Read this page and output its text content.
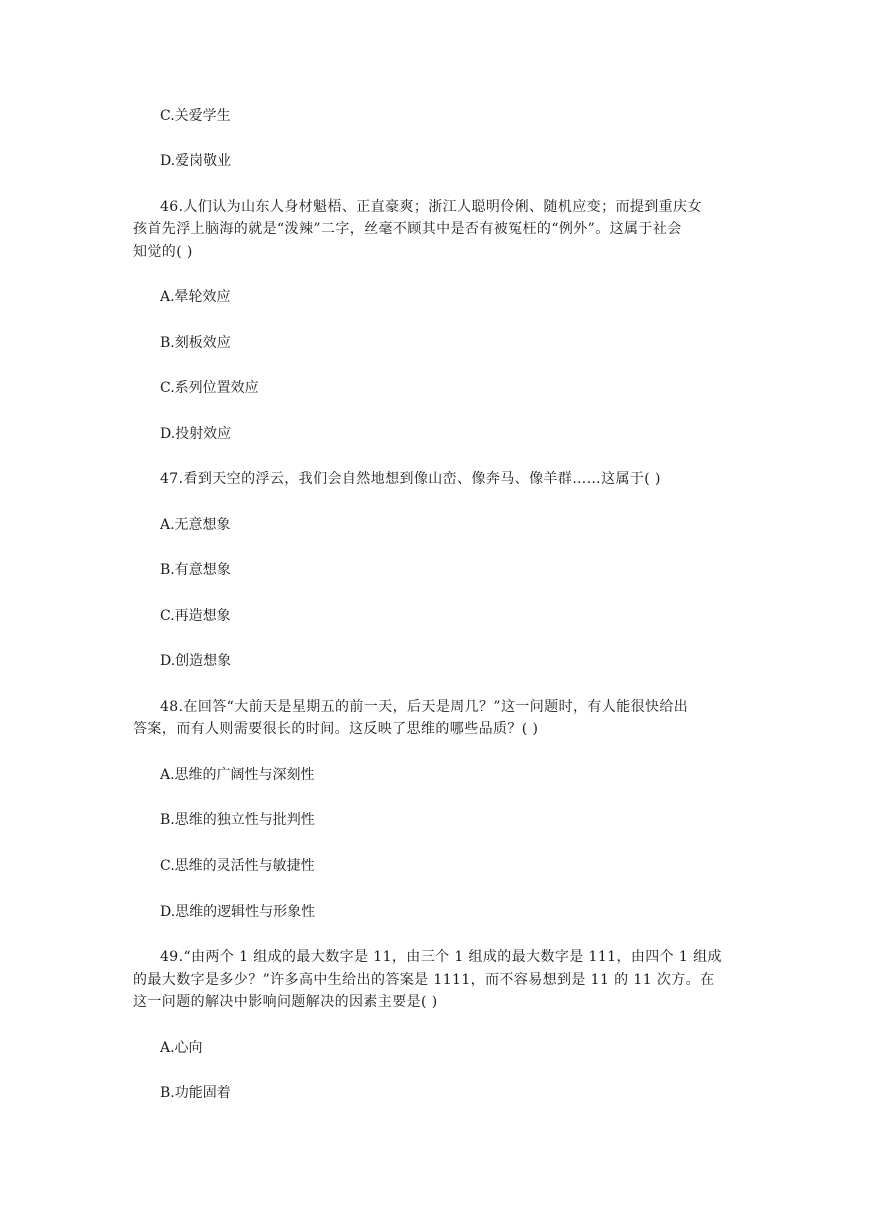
C.关爱学生
D.爱岗敬业
46.人们认为山东人身材魁梧、正直豪爽；浙江人聪明伶俐、随机应变；而提到重庆女
孩首先浮上脑海的就是“泼辣”二字，丝毫不顾其中是否有被冤枉的“例外”。这属于社会
知觉的( )
A.晕轮效应
B.刻板效应
C.系列位置效应
D.投射效应
47.看到天空的浮云，我们会自然地想到像山峦、像奔马、像羊群……这属于( )
A.无意想象
B.有意想象
C.再造想象
D.创造想象
48.在回答“大前天是星期五的前一天，后天是周几？”这一问题时，有人能很快给出
答案，而有人则需要很长的时间。这反映了思维的哪些品质？( )
A.思维的广阔性与深刻性
B.思维的独立性与批判性
C.思维的灵活性与敏捷性
D.思维的逻辑性与形象性
49.“由两个 1 组成的最大数字是 11，由三个 1 组成的最大数字是 111，由四个 1 组成
的最大数字是多少？”许多高中生给出的答案是 1111，而不容易想到是 11 的 11 次方。在
这一问题的解决中影响问题解决的因素主要是( )
A.心向
B.功能固着
